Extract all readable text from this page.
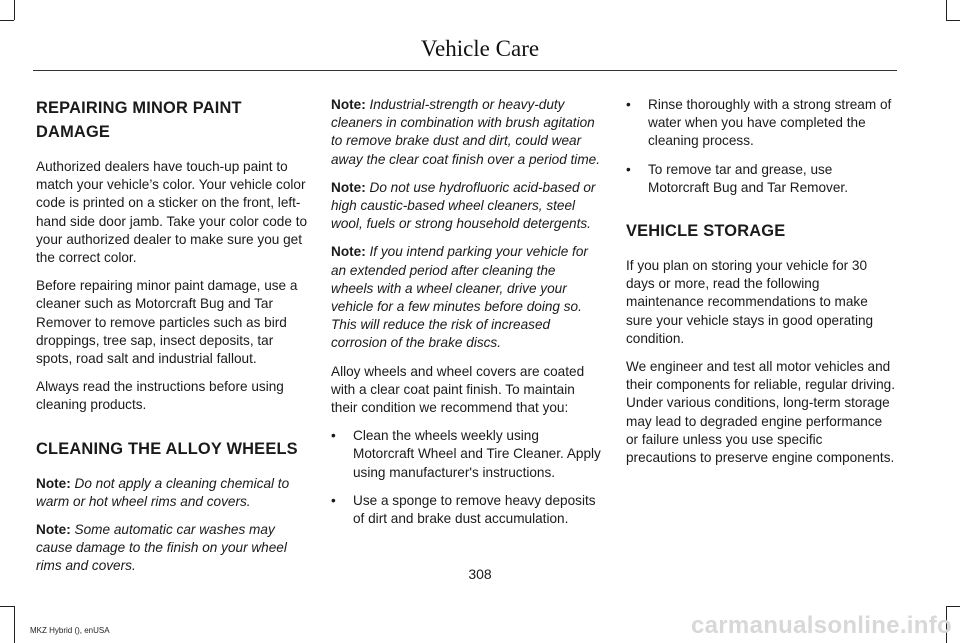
Vehicle Care
REPAIRING MINOR PAINT
DAMAGE

Authorized dealers have touch-up paint to match your vehicle’s color. Your vehicle color code is printed on a sticker on the front, left-hand side door jamb. Take your color code to your authorized dealer to make sure you get the correct color.

Before repairing minor paint damage, use a cleaner such as Motorcraft Bug and Tar Remover to remove particles such as bird droppings, tree sap, insect deposits, tar spots, road salt and industrial fallout.

Always read the instructions before using cleaning products.

CLEANING THE ALLOY WHEELS

Note: Do not apply a cleaning chemical to warm or hot wheel rims and covers.

Note: Some automatic car washes may cause damage to the finish on your wheel rims and covers.

Note: Industrial-strength or heavy-duty cleaners in combination with brush agitation to remove brake dust and dirt, could wear away the clear coat finish over a period time.

Note: Do not use hydrofluoric acid-based or high caustic-based wheel cleaners, steel wool, fuels or strong household detergents.

Note: If you intend parking your vehicle for an extended period after cleaning the wheels with a wheel cleaner, drive your vehicle for a few minutes before doing so. This will reduce the risk of increased corrosion of the brake discs.

Alloy wheels and wheel covers are coated with a clear coat paint finish. To maintain their condition we recommend that you:

• Clean the wheels weekly using Motorcraft Wheel and Tire Cleaner. Apply using manufacturer's instructions.
• Use a sponge to remove heavy deposits of dirt and brake dust accumulation.
• Rinse thoroughly with a strong stream of water when you have completed the cleaning process.
• To remove tar and grease, use Motorcraft Bug and Tar Remover.
VEHICLE STORAGE

If you plan on storing your vehicle for 30 days or more, read the following maintenance recommendations to make sure your vehicle stays in good operating condition.

We engineer and test all motor vehicles and their components for reliable, regular driving. Under various conditions, long-term storage may lead to degraded engine performance or failure unless you use specific precautions to preserve engine components.

308
MKZ Hybrid (), enUSA	carmanualsonline.info
